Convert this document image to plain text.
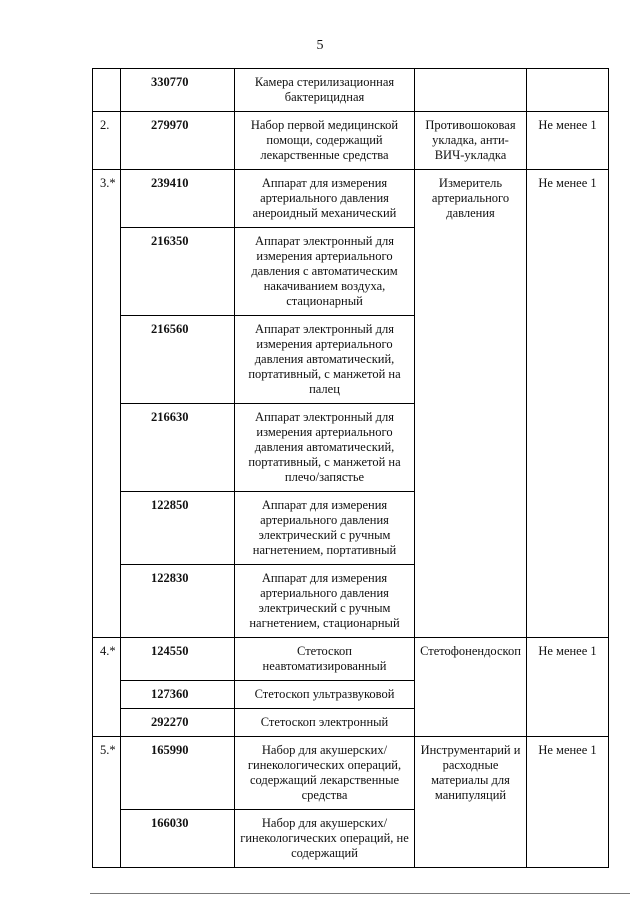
5
	330770	Камера стерилизационная бактерицидная		
2.	279970	Набор первой медицинской помощи, содержащий лекарственные средства	Противошоковая укладка, анти-ВИЧ-укладка	Не менее 1
3.*	239410	Аппарат для измерения артериального давления анероидный механический	Измеритель артериального давления	Не менее 1
	216350	Аппарат электронный для измерения артериального давления с автоматическим накачиванием воздуха, стационарный		
	216560	Аппарат электронный для измерения артериального давления автоматический, портативный, с манжетой на палец		
	216630	Аппарат электронный для измерения артериального давления автоматический, портативный, с манжетой на плечо/запястье		
	122850	Аппарат для измерения артериального давления электрический с ручным нагнетением, портативный		
	122830	Аппарат для измерения артериального давления электрический с ручным нагнетением, стационарный		
4.*	124550	Стетоскоп неавтоматизированный	Стетофонендоскоп	Не менее 1
	127360	Стетоскоп ультразвуковой		
	292270	Стетоскоп электронный		
5.*	165990	Набор для акушерских/гинекологических операций, содержащий лекарственные средства	Инструментарий и расходные материалы для манипуляций	Не менее 1
	166030	Набор для акушерских/гинекологических операций, не содержащий		
